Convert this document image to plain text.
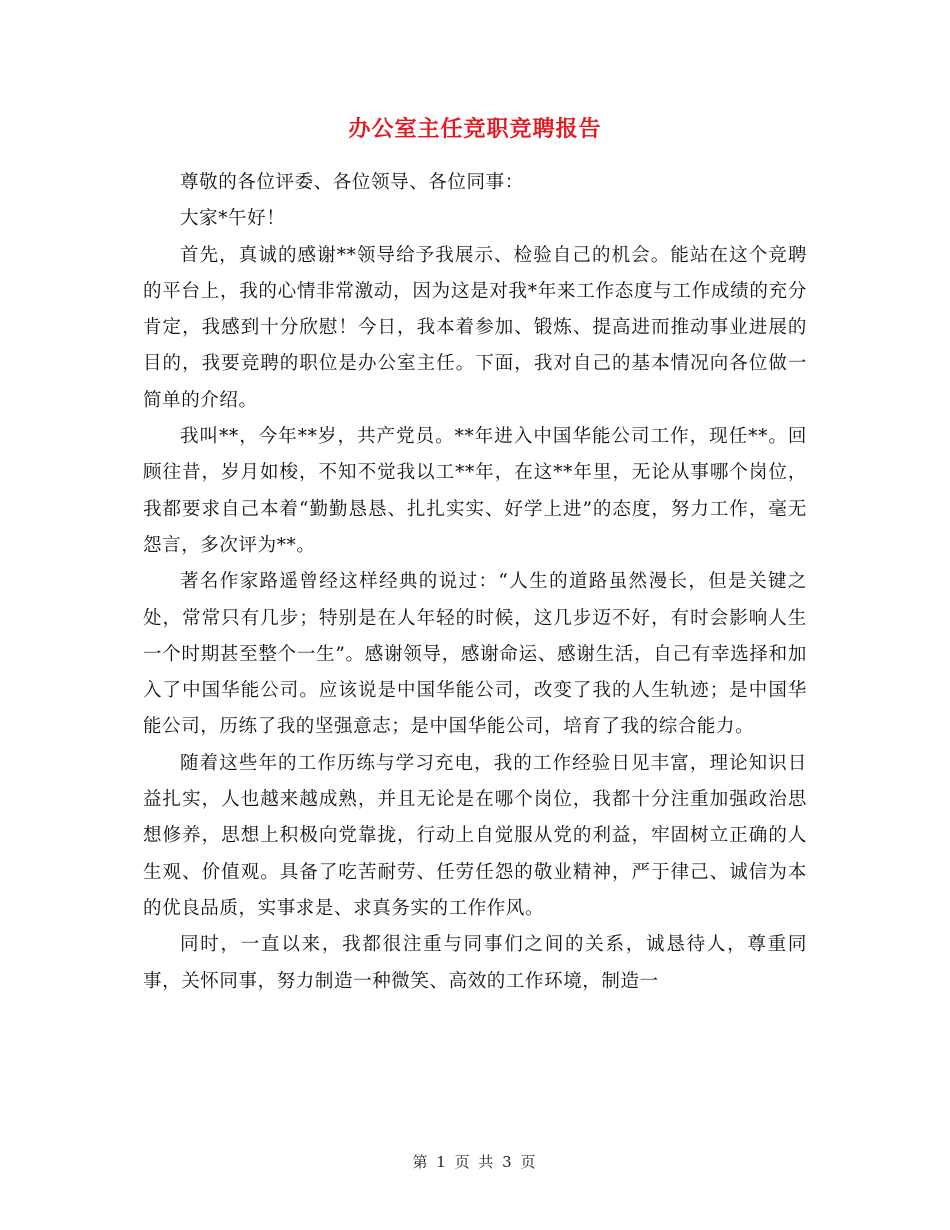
办公室主任竞职竞聘报告

尊敬的各位评委、各位领导、各位同事：

大家*午好！

首先，真诚的感谢**领导给予我展示、检验自己的机会。能站在这个竞聘的平台上，我的心情非常激动，因为这是对我*年来工作态度与工作成绩的充分肯定，我感到十分欣慰！今日，我本着参加、锻炼、提高进而推动事业进展的目的，我要竞聘的职位是办公室主任。下面，我对自己的基本情况向各位做一简单的介绍。

我叫**，今年**岁，共产党员。**年进入中国华能公司工作，现任**。回顾往昔，岁月如梭，不知不觉我以工**年，在这**年里，无论从事哪个岗位，我都要求自己本着“勤勤恳恳、扎扎实实、好学上进”的态度，努力工作，毫无怨言，多次评为**。

著名作家路遥曾经这样经典的说过：“人生的道路虽然漫长，但是关键之处，常常只有几步；特别是在人年轻的时候，这几步迈不好，有时会影响人生一个时期甚至整个一生”。感谢领导，感谢命运、感谢生活，自己有幸选择和加入了中国华能公司。应该说是中国华能公司，改变了我的人生轨迹；是中国华能公司，历练了我的坚强意志；是中国华能公司，培育了我的综合能力。

随着这些年的工作历练与学习充电，我的工作经验日见丰富，理论知识日益扎实，人也越来越成熟，并且无论是在哪个岗位，我都十分注重加强政治思想修养，思想上积极向党靠拢，行动上自觉服从党的利益，牢固树立正确的人生观、价值观。具备了吃苦耐劳、任劳任怨的敬业精神，严于律己、诚信为本的优良品质，实事求是、求真务实的工作作风。

同时，一直以来，我都很注重与同事们之间的关系，诚恳待人，尊重同事，关怀同事，努力制造一种微笑、高效的工作环境，制造一

第 1 页 共 3 页
